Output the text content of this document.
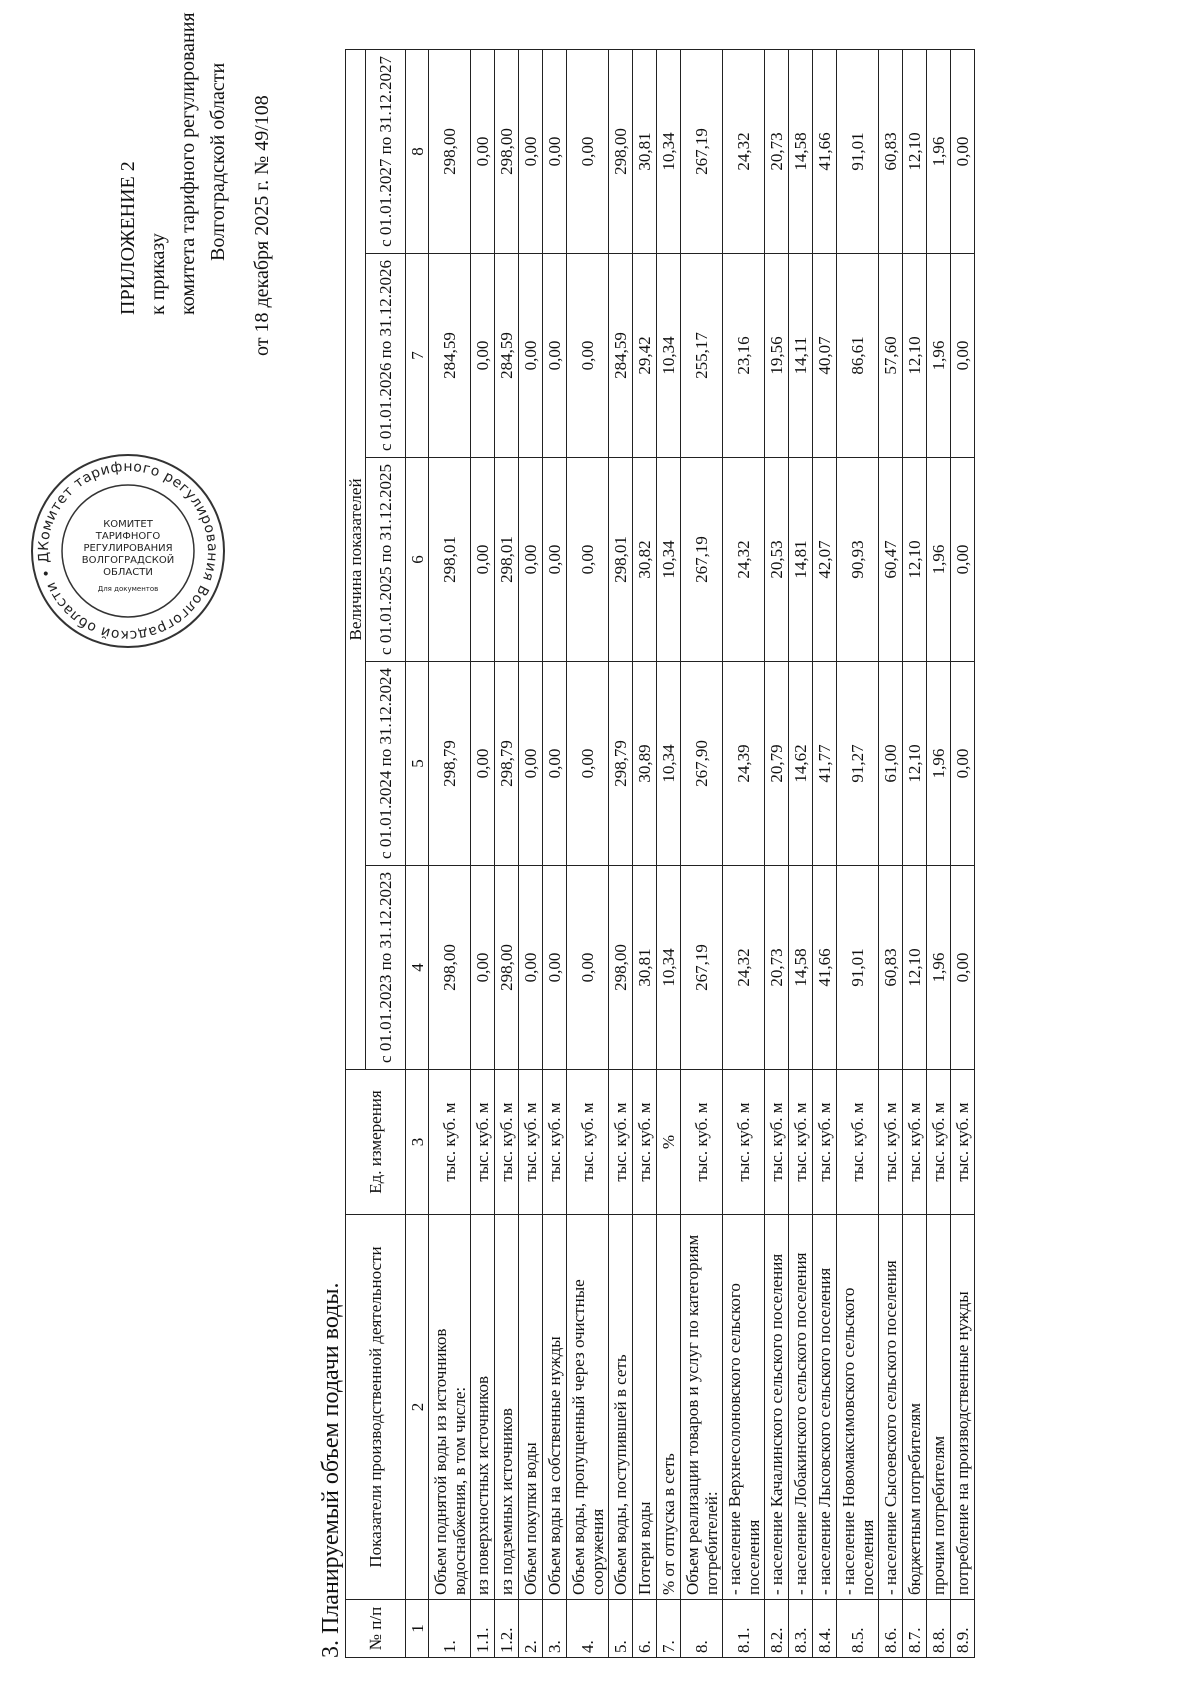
ПРИЛОЖЕНИЕ 2 к приказу комитета тарифного регулирования Волгоградской области от 18 декабря 2025 г. № 49/108
Комитет тарифного регулирования Волгоградской области • Д
КОМИТЕТ
ТАРИФНОГО
РЕГУЛИРОВАНИЯ
ВОЛГОГРАДСКОЙ
ОБЛАСТИ
Для документов
3. Планируемый объем подачи воды. № п/п	Показатели производственной деятельности	Ед. измерения	Величина показателей				
			с 01.01.2023 по 31.12.2023	с 01.01.2024 по 31.12.2024	с 01.01.2025 по 31.12.2025	с 01.01.2026 по 31.12.2026	с 01.01.2027 по 31.12.2027
1	2	3	4	5	6	7	8
1.	Объем поднятой воды из источников водоснабжения, в том числе:	тыс. куб. м	298,00	298,79	298,01	284,59	298,00
1.1.	из поверхностных источников	тыс. куб. м	0,00	0,00	0,00	0,00	0,00
1.2.	из подземных источников	тыс. куб. м	298,00	298,79	298,01	284,59	298,00
2.	Объем покупки воды	тыс. куб. м	0,00	0,00	0,00	0,00	0,00
3.	Объем воды на собственные нужды	тыс. куб. м	0,00	0,00	0,00	0,00	0,00
4.	Объем воды, пропущенный через очистные сооружения	тыс. куб. м	0,00	0,00	0,00	0,00	0,00
5.	Объем воды, поступившей в сеть	тыс. куб. м	298,00	298,79	298,01	284,59	298,00
6.	Потери воды	тыс. куб. м	30,81	30,89	30,82	29,42	30,81
7.	% от отпуска в сеть	%	10,34	10,34	10,34	10,34	10,34
8.	Объем реализации товаров и услуг по категориям потребителей:	тыс. куб. м	267,19	267,90	267,19	255,17	267,19
8.1.	- население Верхнесолоновского сельского поселения	тыс. куб. м	24,32	24,39	24,32	23,16	24,32
8.2.	- население Качалинского сельского поселения	тыс. куб. м	20,73	20,79	20,53	19,56	20,73
8.3.	- население Лобакинского сельского поселения	тыс. куб. м	14,58	14,62	14,81	14,11	14,58
8.4.	- население Лысовского сельского поселения	тыс. куб. м	41,66	41,77	42,07	40,07	41,66
8.5.	- население Новомаксимовского сельского поселения	тыс. куб. м	91,01	91,27	90,93	86,61	91,01
8.6.	- население Сысоевского сельского поселения	тыс. куб. м	60,83	61,00	60,47	57,60	60,83
8.7.	бюджетным потребителям	тыс. куб. м	12,10	12,10	12,10	12,10	12,10
8.8.	прочим потребителям	тыс. куб. м	1,96	1,96	1,96	1,96	1,96
8.9.	потребление на производственные нужды	тыс. куб. м	0,00	0,00	0,00	0,00	0,00
